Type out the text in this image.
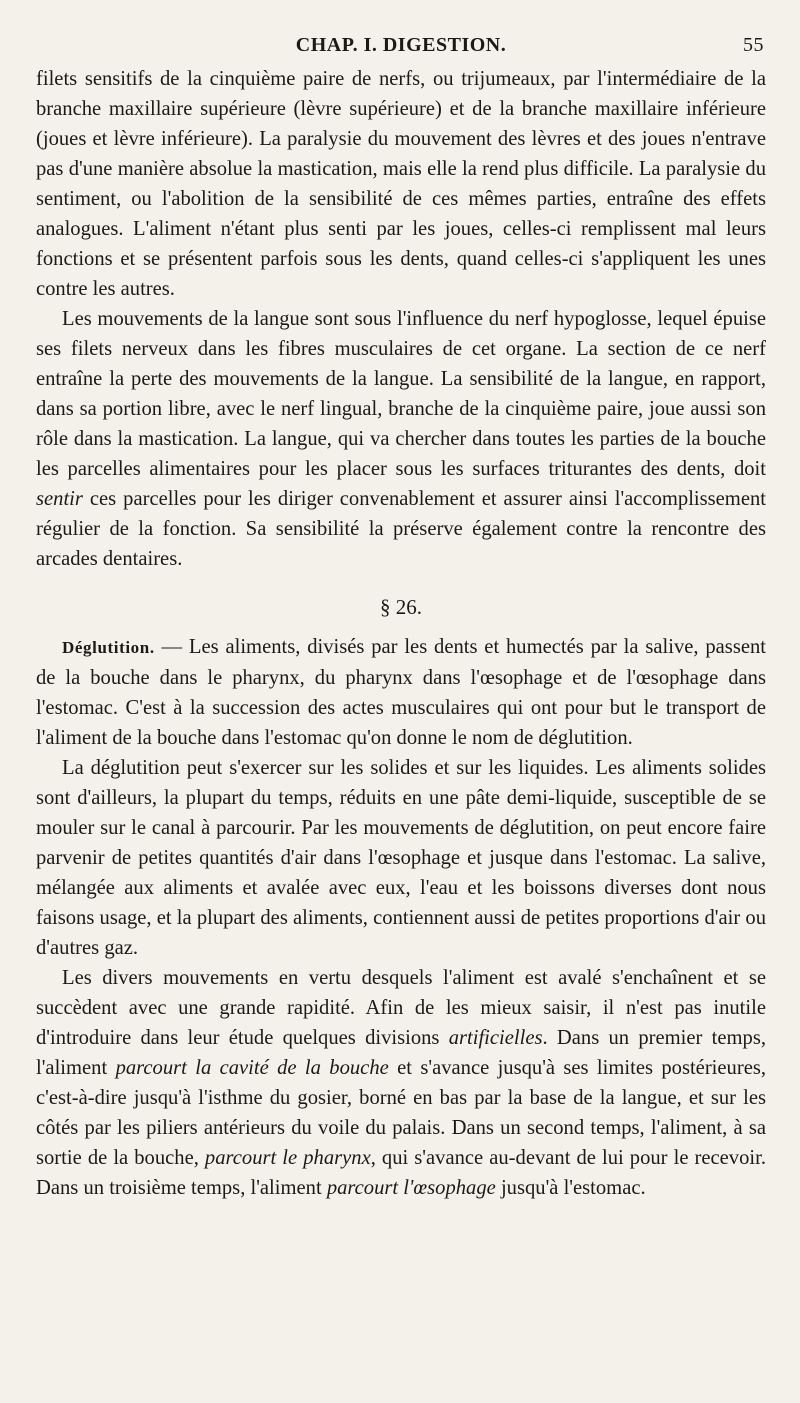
CHAP. I. DIGESTION.	55

filets sensitifs de la cinquième paire de nerfs, ou trijumeaux, par l'intermédiaire de la branche maxillaire supérieure (lèvre supérieure) et de la branche maxillaire inférieure (joues et lèvre inférieure). La paralysie du mouvement des lèvres et des joues n'entrave pas d'une manière absolue la mastication, mais elle la rend plus difficile. La paralysie du sentiment, ou l'abolition de la sensibilité de ces mêmes parties, entraîne des effets analogues. L'aliment n'étant plus senti par les joues, celles-ci remplissent mal leurs fonctions et se présentent parfois sous les dents, quand celles-ci s'appliquent les unes contre les autres.

Les mouvements de la langue sont sous l'influence du nerf hypoglosse, lequel épuise ses filets nerveux dans les fibres musculaires de cet organe. La section de ce nerf entraîne la perte des mouvements de la langue. La sensibilité de la langue, en rapport, dans sa portion libre, avec le nerf lingual, branche de la cinquième paire, joue aussi son rôle dans la mastication. La langue, qui va chercher dans toutes les parties de la bouche les parcelles alimentaires pour les placer sous les surfaces triturantes des dents, doit sentir ces parcelles pour les diriger convenablement et assurer ainsi l'accomplissement régulier de la fonction. Sa sensibilité la préserve également contre la rencontre des arcades dentaires.

§ 26.

Déglutition. — Les aliments, divisés par les dents et humectés par la salive, passent de la bouche dans le pharynx, du pharynx dans l'œsophage et de l'œsophage dans l'estomac. C'est à la succession des actes musculaires qui ont pour but le transport de l'aliment de la bouche dans l'estomac qu'on donne le nom de déglutition.

La déglutition peut s'exercer sur les solides et sur les liquides. Les aliments solides sont d'ailleurs, la plupart du temps, réduits en une pâte demi-liquide, susceptible de se mouler sur le canal à parcourir. Par les mouvements de déglutition, on peut encore faire parvenir de petites quantités d'air dans l'œsophage et jusque dans l'estomac. La salive, mélangée aux aliments et avalée avec eux, l'eau et les boissons diverses dont nous faisons usage, et la plupart des aliments, contiennent aussi de petites proportions d'air ou d'autres gaz.

Les divers mouvements en vertu desquels l'aliment est avalé s'enchaînent et se succèdent avec une grande rapidité. Afin de les mieux saisir, il n'est pas inutile d'introduire dans leur étude quelques divisions artificielles. Dans un premier temps, l'aliment parcourt la cavité de la bouche et s'avance jusqu'à ses limites postérieures, c'est-à-dire jusqu'à l'isthme du gosier, borné en bas par la base de la langue, et sur les côtés par les piliers antérieurs du voile du palais. Dans un second temps, l'aliment, à sa sortie de la bouche, parcourt le pharynx, qui s'avance au-devant de lui pour le recevoir. Dans un troisième temps, l'aliment parcourt l'œsophage jusqu'à l'estomac.
